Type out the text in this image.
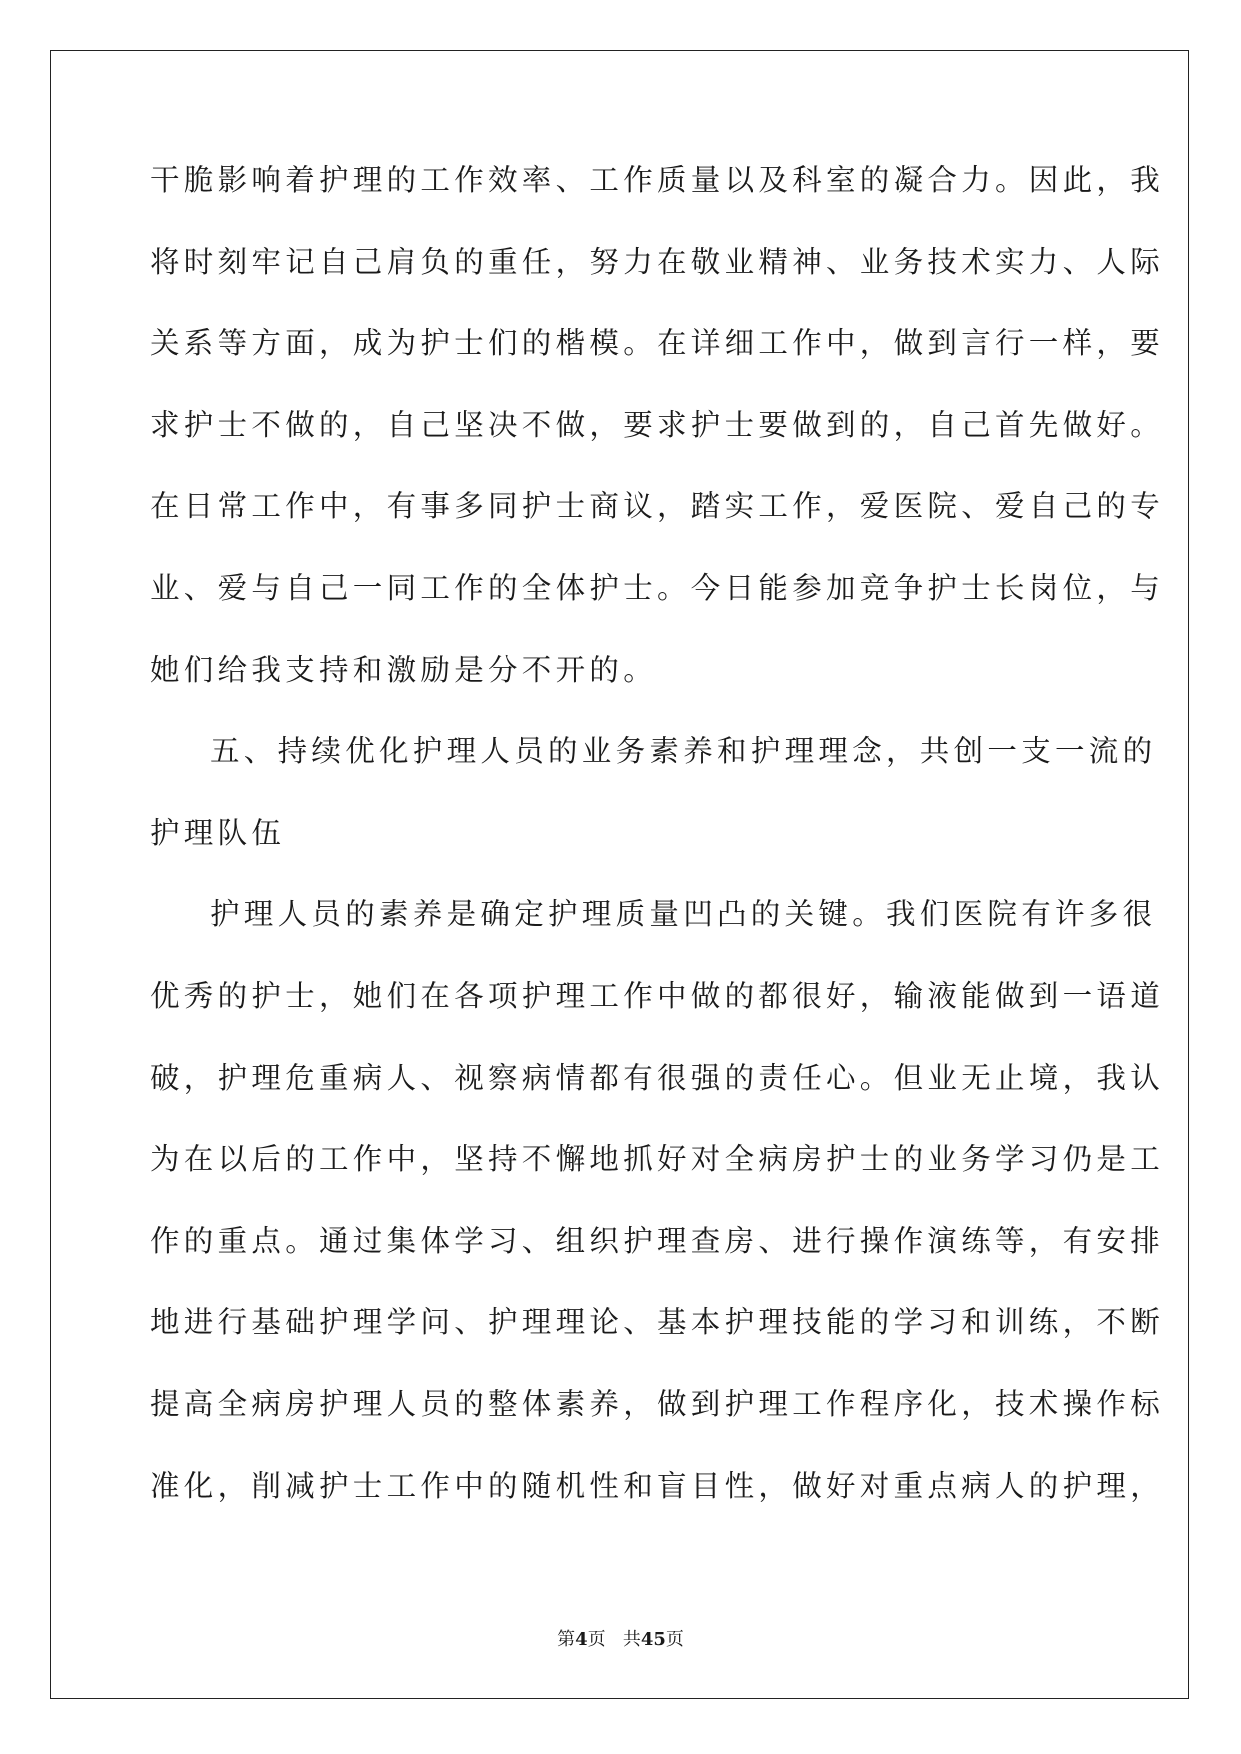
干脆影响着护理的工作效率、工作质量以及科室的凝合力。因此，我
将时刻牢记自己肩负的重任，努力在敬业精神、业务技术实力、人际
关系等方面，成为护士们的楷模。在详细工作中，做到言行一样，要
求护士不做的，自己坚决不做，要求护士要做到的，自己首先做好。
在日常工作中，有事多同护士商议，踏实工作，爱医院、爱自己的专
业、爱与自己一同工作的全体护士。今日能参加竞争护士长岗位，与
她们给我支持和激励是分不开的。
五、持续优化护理人员的业务素养和护理理念，共创一支一流的
护理队伍
护理人员的素养是确定护理质量凹凸的关键。我们医院有许多很
优秀的护士，她们在各项护理工作中做的都很好，输液能做到一语道
破，护理危重病人、视察病情都有很强的责任心。但业无止境，我认
为在以后的工作中，坚持不懈地抓好对全病房护士的业务学习仍是工
作的重点。通过集体学习、组织护理查房、进行操作演练等，有安排
地进行基础护理学问、护理理论、基本护理技能的学习和训练，不断
提高全病房护理人员的整体素养，做到护理工作程序化，技术操作标
准化，削减护士工作中的随机性和盲目性，做好对重点病人的护理，
第4页 共45页
